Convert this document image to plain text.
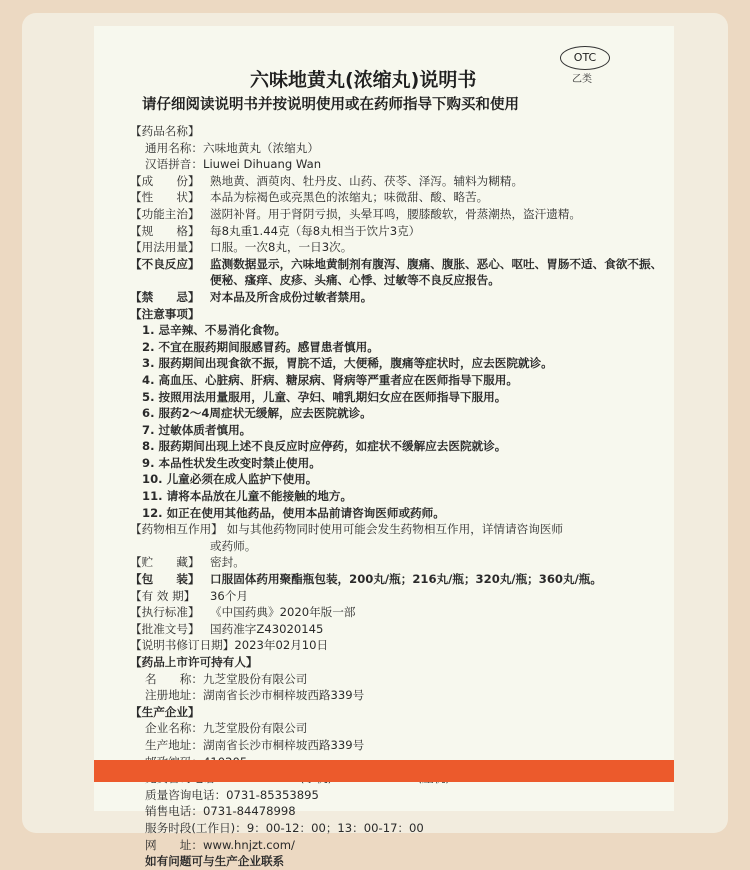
OTC
乙类
六味地黄丸(浓缩丸)说明书
请仔细阅读说明书并按说明使用或在药师指导下购买和使用
【药品名称】
通用名称： 六味地黄丸（浓缩丸）
汉语拼音： Liuwei Dihuang Wan
【成　　份】 熟地黄、酒萸肉、牡丹皮、山药、茯苓、泽泻。辅料为糊精。
【性　　状】 本品为棕褐色或亮黑色的浓缩丸；味微甜、酸、略苦。
【功能主治】 滋阴补肾。用于肾阴亏损，头晕耳鸣，腰膝酸软，骨蒸潮热，盗汗遗精。
【规　　格】 每8丸重1.44克（每8丸相当于饮片3克）
【用法用量】 口服。一次8丸，一日3次。
【不良反应】 监测数据显示，六味地黄制剂有腹泻、腹痛、腹胀、恶心、呕吐、胃肠不适、食欲不振、便秘、瘙痒、皮疹、头痛、心悸、过敏等不良反应报告。
【禁　　忌】 对本品及所含成份过敏者禁用。
【注意事项】
1. 忌辛辣、不易消化食物。
2. 不宜在服药期间服感冒药。感冒患者慎用。
3. 服药期间出现食欲不振，胃脘不适，大便稀，腹痛等症状时，应去医院就诊。
4. 高血压、心脏病、肝病、糖尿病、肾病等严重者应在医师指导下服用。
5. 按照用法用量服用，儿童、孕妇、哺乳期妇女应在医师指导下服用。
6. 服药2～4周症状无缓解，应去医院就诊。
7. 过敏体质者慎用。
8. 服药期间出现上述不良反应时应停药，如症状不缓解应去医院就诊。
9. 本品性状发生改变时禁止使用。
10. 儿童必须在成人监护下使用。
11. 请将本品放在儿童不能接触的地方。
12. 如正在使用其他药品，使用本品前请咨询医师或药师。
【药物相互作用】 如与其他药物同时使用可能会发生药物相互作用，详情请咨询医师
或药师。
【贮　　藏】 密封。
【包　　装】 口服固体药用聚酯瓶包装，200丸/瓶；216丸/瓶；320丸/瓶；360丸/瓶。
【有 效 期】	36个月
【执行标准】 《中国药典》2020年版一部
【批准文号】 国药准字Z43020145
【说明书修订日期】 2023年02月10日
【药品上市许可持有人】
名　　称： 九芝堂股份有限公司
注册地址： 湖南省长沙市桐梓坡西路339号
【生产企业】
企业名称： 九芝堂股份有限公司
生产地址： 湖南省长沙市桐梓坡西路339号
质量咨询电话： 0731-85353895
销售电话： 0731-84478998
服务时段(工作日)： 9：00-12：00；13：00-17：00
网　　址： www.hnjzt.com/
如有问题可与生产企业联系
